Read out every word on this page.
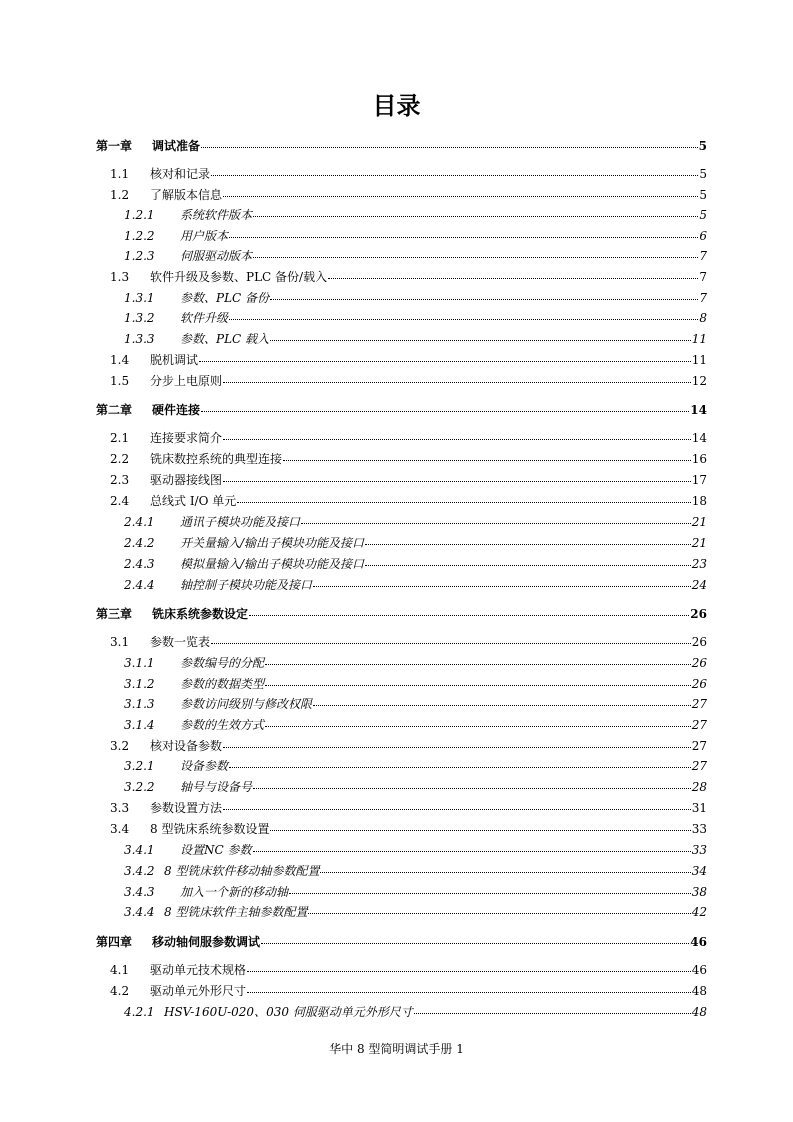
目录
第一章	调试准备	5
1.1	核对和记录	5
1.2	了解版本信息	5
1.2.1	系统软件版本	5
1.2.2	用户版本	6
1.2.3	伺服驱动版本	7
1.3	软件升级及参数、PLC 备份/载入	7
1.3.1	参数、PLC 备份	7
1.3.2	软件升级	8
1.3.3	参数、PLC 载入	11
1.4	脱机调试	11
1.5	分步上电原则	12
第二章	硬件连接	14
2.1	连接要求简介	14
2.2	铣床数控系统的典型连接	16
2.3	驱动器接线图	17
2.4	总线式 I/O 单元	18
2.4.1	通讯子模块功能及接口	21
2.4.2	开关量输入/输出子模块功能及接口	21
2.4.3	模拟量输入/输出子模块功能及接口	23
2.4.4	轴控制子模块功能及接口	24
第三章	铣床系统参数设定	26
3.1	参数一览表	26
3.1.1	参数编号的分配	26
3.1.2	参数的数据类型	26
3.1.3	参数访问级别与修改权限	27
3.1.4	参数的生效方式	27
3.2	核对设备参数	27
3.2.1	设备参数	27
3.2.2	轴号与设备号	28
3.3	参数设置方法	31
3.4	8 型铣床系统参数设置	33
3.4.1	设置NC 参数	33
3.4.2 8 型铣床软件移动轴参数配置	34
3.4.3	加入一个新的移动轴	38
3.4.4 8 型铣床软件主轴参数配置	42
第四章	移动轴伺服参数调试	46
4.1	驱动单元技术规格	46
4.2	驱动单元外形尺寸	48
4.2.1 HSV-160U-020、030 伺服驱动单元外形尺寸	48
华中 8 型简明调试手册 1
